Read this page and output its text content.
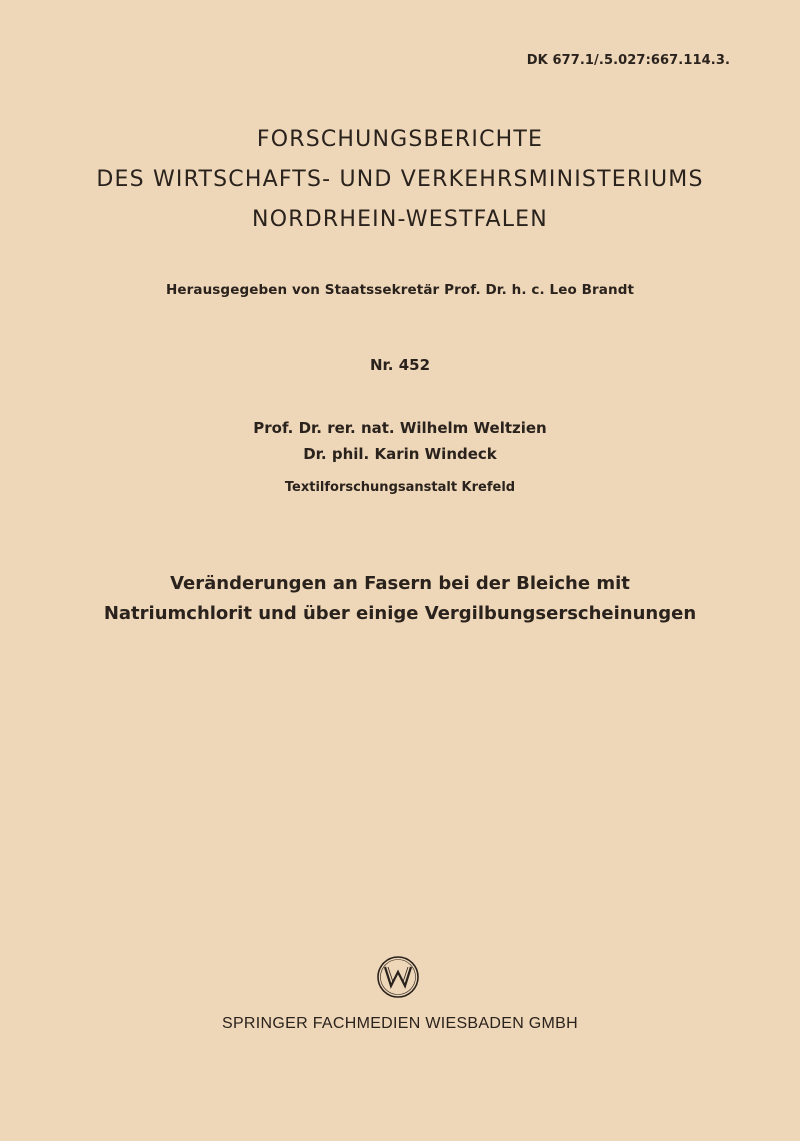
DK 677.1/.5.027:667.114.3.
FORSCHUNGSBERICHTE
DES WIRTSCHAFTS- UND VERKEHRSMINISTERIUMS
NORDRHEIN-WESTFALEN
Herausgegeben von Staatssekretär Prof. Dr. h. c. Leo Brandt
Nr. 452
Prof. Dr. rer. nat. Wilhelm Weltzien
Dr. phil. Karin Windeck
Textilforschungsanstalt Krefeld
Veränderungen an Fasern bei der Bleiche mit
Natriumchlorit und über einige Vergilbungserscheinungen
SPRINGER FACHMEDIEN WIESBADEN GMBH
